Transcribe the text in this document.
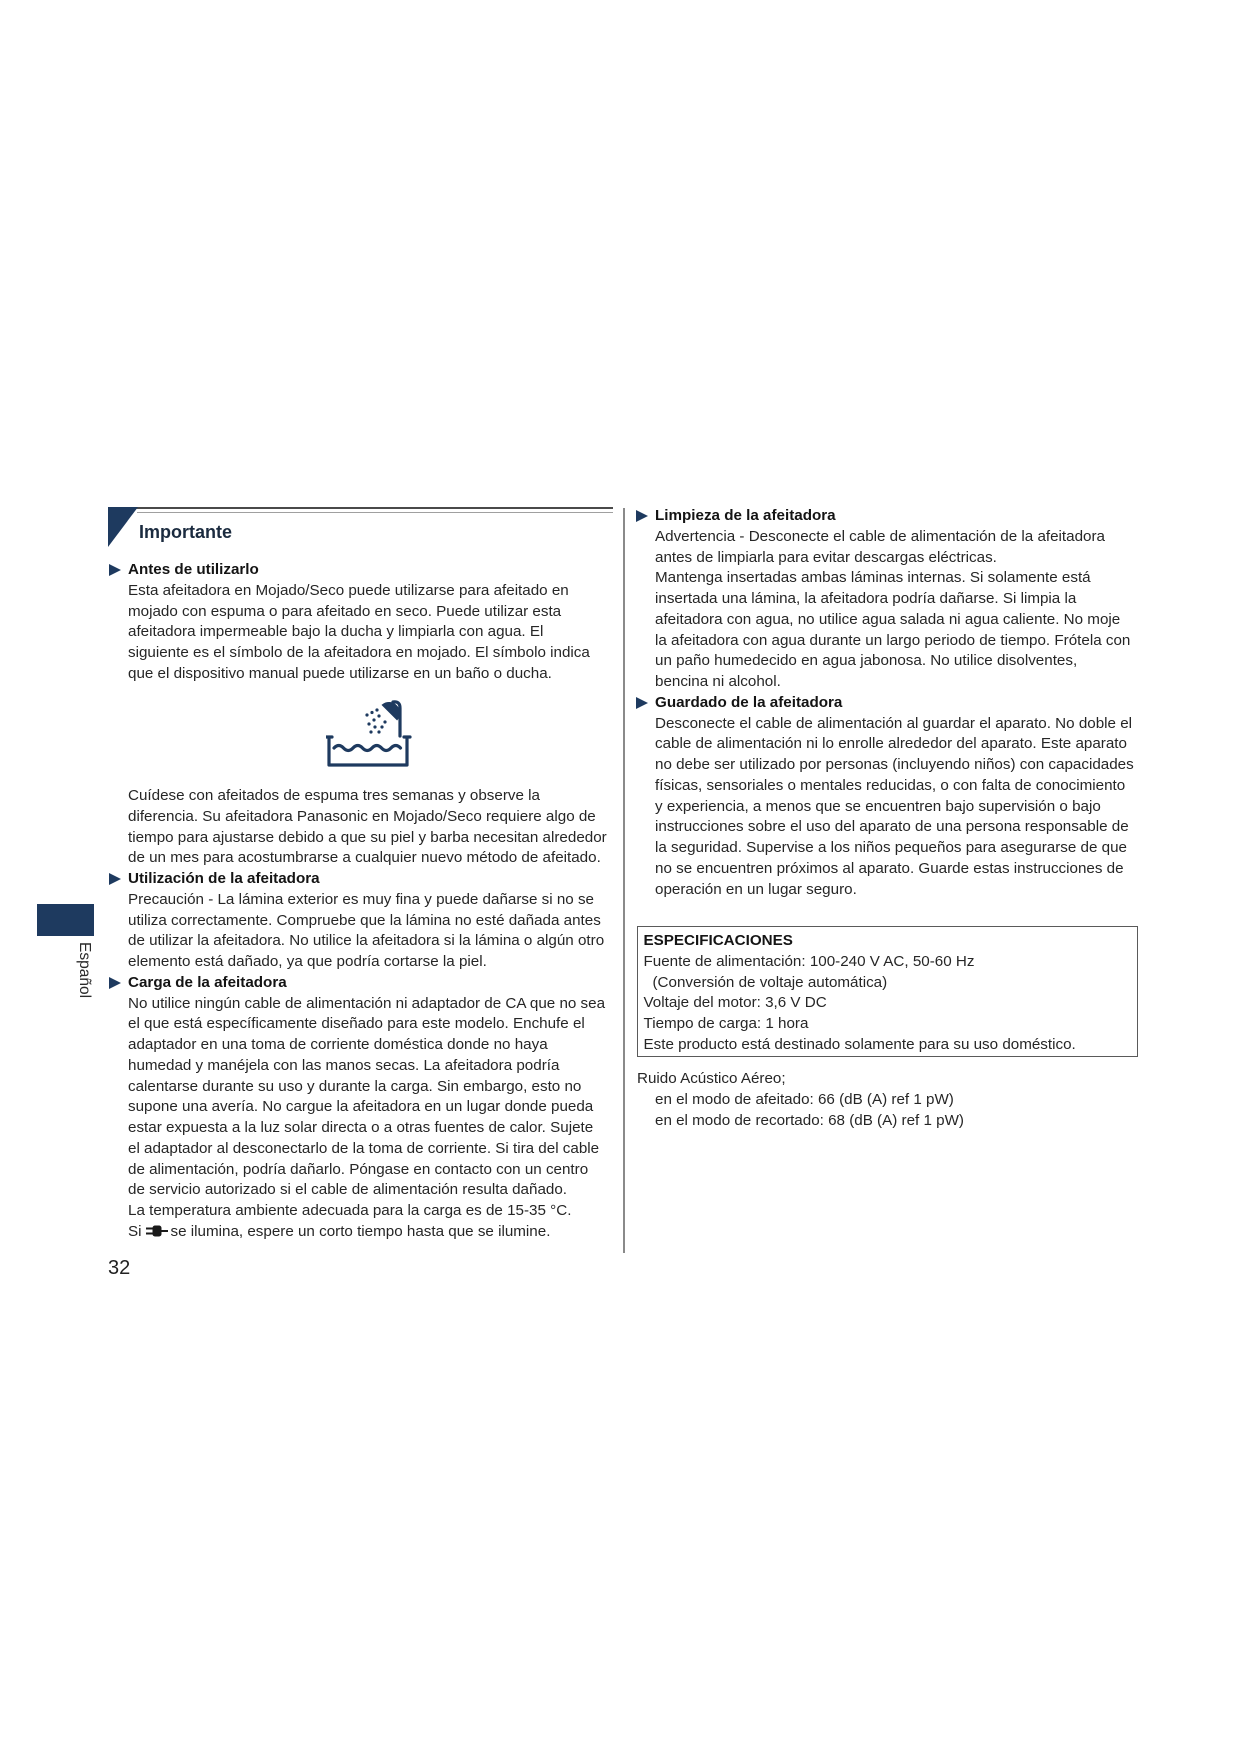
Importante
Antes de utilizarlo
Esta afeitadora en Mojado/Seco puede utilizarse para afeitado en
mojado con espuma o para afeitado en seco. Puede utilizar esta
afeitadora impermeable bajo la ducha y limpiarla con agua. El
siguiente es el símbolo de la afeitadora en mojado. El símbolo indica
que el dispositivo manual puede utilizarse en un baño o ducha.
Cuídese con afeitados de espuma tres semanas y observe la
diferencia. Su afeitadora Panasonic en Mojado/Seco requiere algo de
tiempo para ajustarse debido a que su piel y barba necesitan alrededor
de un mes para acostumbrarse a cualquier nuevo método de afeitado.
Utilización de la afeitadora
Precaución - La lámina exterior es muy fina y puede dañarse si no se
utiliza correctamente. Compruebe que la lámina no esté dañada antes
de utilizar la afeitadora. No utilice la afeitadora si la lámina o algún otro
elemento está dañado, ya que podría cortarse la piel.
Carga de la afeitadora
No utilice ningún cable de alimentación ni adaptador de CA que no sea
el que está específicamente diseñado para este modelo. Enchufe el
adaptador en una toma de corriente doméstica donde no haya
humedad y manéjela con las manos secas. La afeitadora podría
calentarse durante su uso y durante la carga. Sin embargo, esto no
supone una avería. No cargue la afeitadora en un lugar donde pueda
estar expuesta a la luz solar directa o a otras fuentes de calor. Sujete
el adaptador al desconectarlo de la toma de corriente. Si tira del cable
de alimentación, podría dañarlo. Póngase en contacto con un centro
de servicio autorizado si el cable de alimentación resulta dañado.
La temperatura ambiente adecuada para la carga es de 15-35 °C.
Si se ilumina, espere un corto tiempo hasta que se ilumine.
Limpieza de la afeitadora
Advertencia - Desconecte el cable de alimentación de la afeitadora
antes de limpiarla para evitar descargas eléctricas.
Mantenga insertadas ambas láminas internas. Si solamente está
insertada una lámina, la afeitadora podría dañarse. Si limpia la
afeitadora con agua, no utilice agua salada ni agua caliente. No moje
la afeitadora con agua durante un largo periodo de tiempo. Frótela con
un paño humedecido en agua jabonosa. No utilice disolventes,
bencina ni alcohol.
Guardado de la afeitadora
Desconecte el cable de alimentación al guardar el aparato. No doble el
cable de alimentación ni lo enrolle alrededor del aparato. Este aparato
no debe ser utilizado por personas (incluyendo niños) con capacidades
físicas, sensoriales o mentales reducidas, o con falta de conocimiento
y experiencia, a menos que se encuentren bajo supervisión o bajo
instrucciones sobre el uso del aparato de una persona responsable de
la seguridad. Supervise a los niños pequeños para asegurarse de que
no se encuentren próximos al aparato. Guarde estas instrucciones de
operación en un lugar seguro.
ESPECIFICACIONES
Fuente de alimentación: 100-240 V AC, 50-60 Hz
(Conversión de voltaje automática)
Voltaje del motor: 3,6 V DC
Tiempo de carga: 1 hora
Este producto está destinado solamente para su uso doméstico.
Ruido Acústico Aéreo;
en el modo de afeitado: 66 (dB (A) ref 1 pW)
en el modo de recortado: 68 (dB (A) ref 1 pW)
Español
32
